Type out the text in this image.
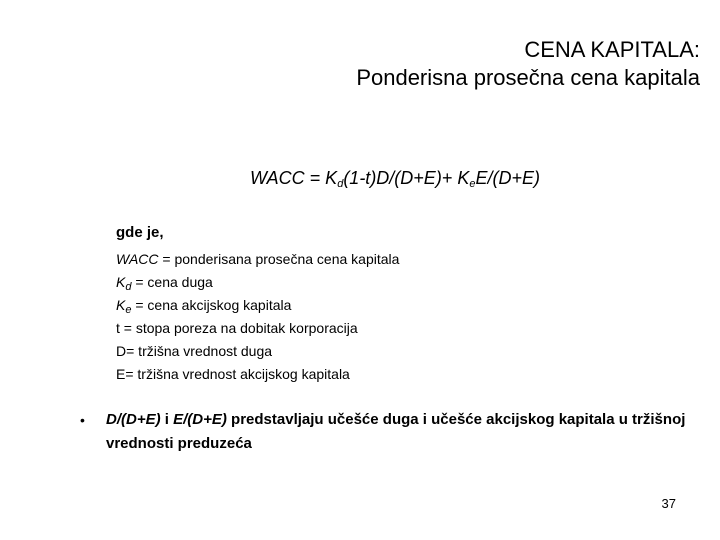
CENA KAPITALA:
Ponderisna prosečna cena kapitala
WACC = $K_d(1-t)D/(D+E)+ K_eE/(D+E)$
gde je,
WACC = ponderisana prosečna cena kapitala
$K_d$ = cena duga
$K_e$ = cena akcijskog kapitala
t = stopa poreza na dobitak korporacija
D= tržišna vrednost duga
E= tržišna vrednost akcijskog kapitala
• D/(D+E) i E/(D+E) predstavljaju učešće duga i učešće akcijskog kapitala u tržišnoj vrednosti preduzeća
37
